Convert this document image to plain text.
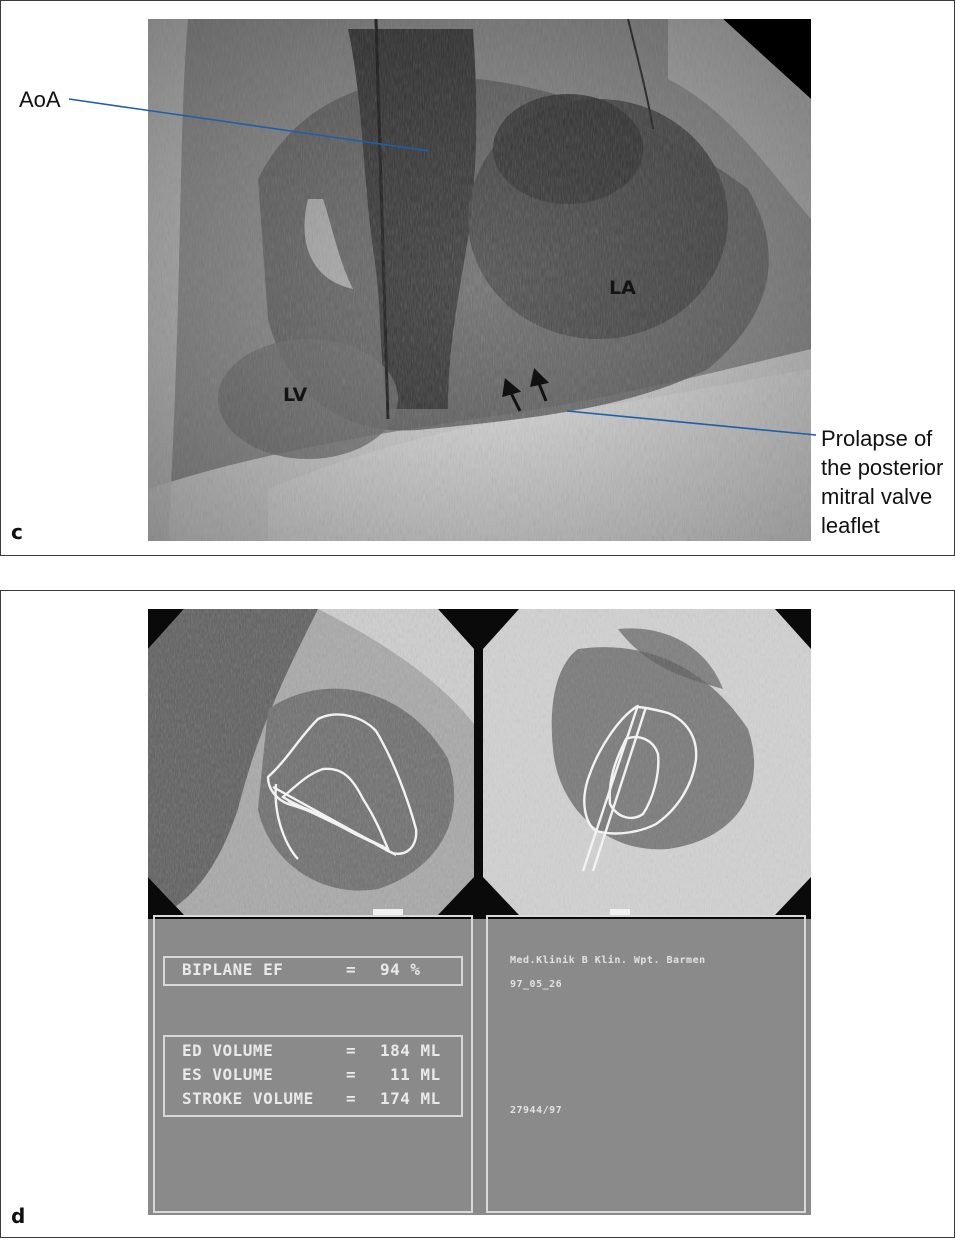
AoA
LA
LV
Prolapse of
the posterior
mitral valve
leaflet
c
BIPLANE EF	= 94 %
ED VOLUME	= 184 ML
ES VOLUME	= 11 ML
STROKE VOLUME = 174 ML
Med.Klinik B Klin. Wpt. Barmen
97_05_26
27944/97
d
